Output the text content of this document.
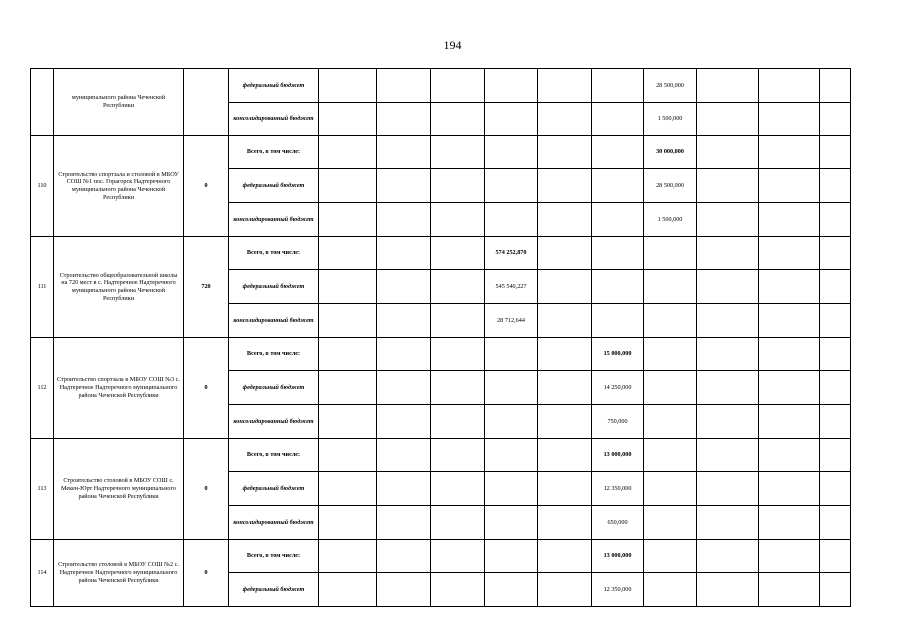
194
	муниципального района Чеченской Республики		федеральный бюджет							28 500,000			
			консолидированный бюджет							1 500,000			
110	Строительство спортзала и столовой в МБОУ СОШ №1 пос. Горагорск Надтеречного муниципального района Чеченской Республики	0	Всего, в том числе:							30 000,000			
			федеральный бюджет							28 500,000			
			консолидированный бюджет							1 500,000			
111	Строительство общеобразовательной школы на 720 мест в с. Надтеречное Надтеречного муниципального района Чеченской Республики	720	Всего, в том числе:				574 252,870						
			федеральный бюджет				545 540,227						
			консолидированный бюджет				28 712,644						
112	Строительство спортзала в МБОУ СОШ №3 с. Надтеречное Надтеречного муниципального района Чеченской Республики	0	Всего, в том числе:						15 000,000				
			федеральный бюджет						14 250,000				
			консолидированный бюджет						750,000				
113	Строительство столовой в МБОУ СОШ с. Мекен-Юрт Надтеречного муниципального района Чеченской Республики	0	Всего, в том числе:						13 000,000				
			федеральный бюджет						12 350,000				
			консолидированный бюджет						650,000				
114	Строительство столовой в МБОУ СОШ №2 с. Надтеречное Надтеречного муниципального района Чеченской Республики	0	Всего, в том числе:						13 000,000				
			федеральный бюджет						12 350,000				
